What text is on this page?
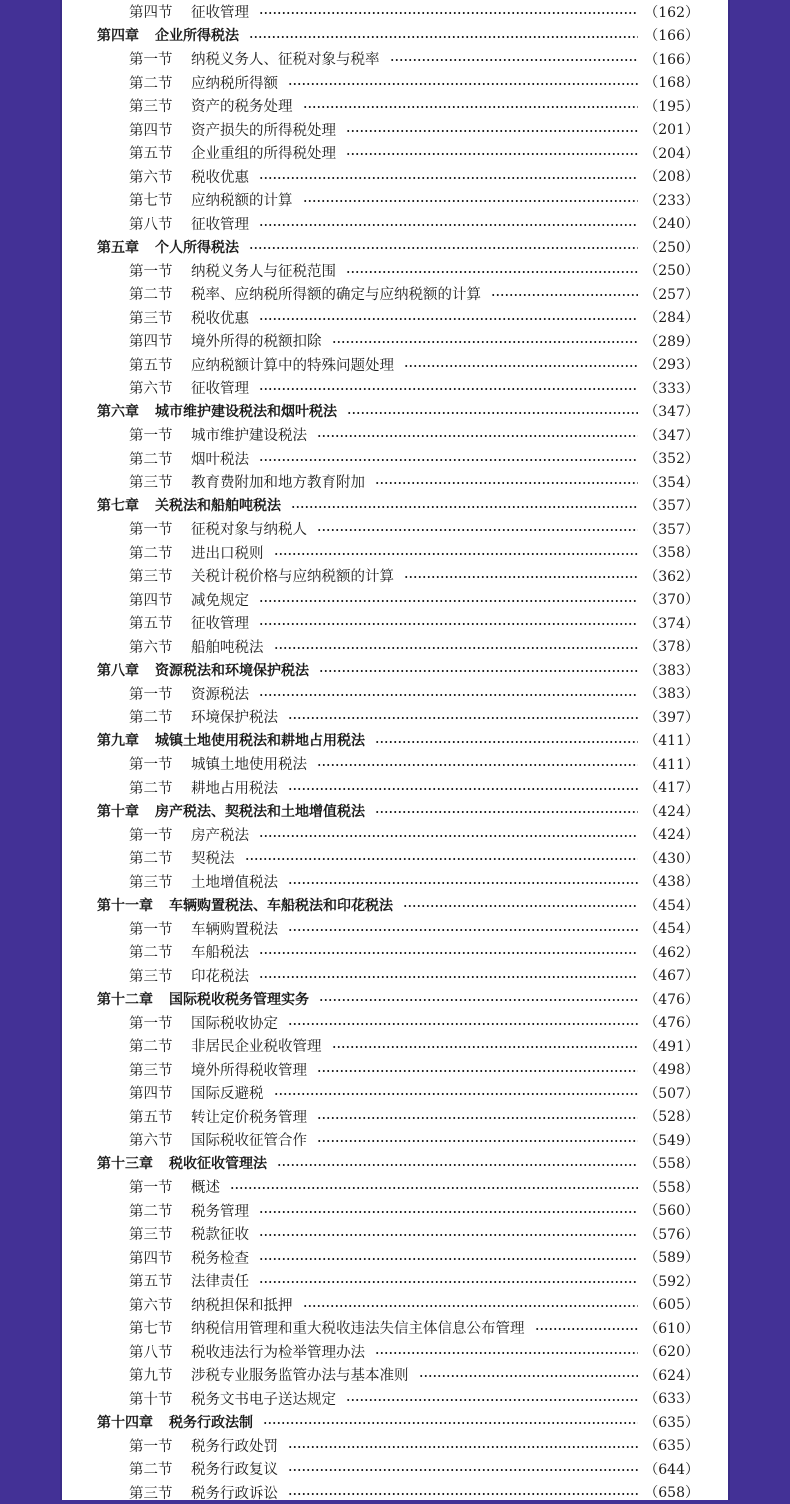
第四节	征收管理	（162）
第四章 企业所得税法	（166）
第一节	纳税义务人、征税对象与税率	（166）
第二节	应纳税所得额	（168）
第三节	资产的税务处理	（195）
第四节	资产损失的所得税处理	（201）
第五节	企业重组的所得税处理	（204）
第六节	税收优惠	（208）
第七节	应纳税额的计算	（233）
第八节	征收管理	（240）
第五章 个人所得税法	（250）
第一节	纳税义务人与征税范围	（250）
第二节	税率、应纳税所得额的确定与应纳税额的计算	（257）
第三节	税收优惠	（284）
第四节	境外所得的税额扣除	（289）
第五节	应纳税额计算中的特殊问题处理	（293）
第六节	征收管理	（333）
第六章 城市维护建设税法和烟叶税法	（347）
第一节	城市维护建设税法	（347）
第二节	烟叶税法	（352）
第三节	教育费附加和地方教育附加	（354）
第七章 关税法和船舶吨税法	（357）
第一节	征税对象与纳税人	（357）
第二节	进出口税则	（358）
第三节	关税计税价格与应纳税额的计算	（362）
第四节	减免规定	（370）
第五节	征收管理	（374）
第六节	船舶吨税法	（378）
第八章 资源税法和环境保护税法	（383）
第一节	资源税法	（383）
第二节	环境保护税法	（397）
第九章 城镇土地使用税法和耕地占用税法	（411）
第一节	城镇土地使用税法	（411）
第二节	耕地占用税法	（417）
第十章 房产税法、契税法和土地增值税法	（424）
第一节	房产税法	（424）
第二节	契税法	（430）
第三节	土地增值税法	（438）
第十一章 车辆购置税法、车船税法和印花税法	（454）
第一节	车辆购置税法	（454）
第二节	车船税法	（462）
第三节	印花税法	（467）
第十二章 国际税收税务管理实务	（476）
第一节	国际税收协定	（476）
第二节	非居民企业税收管理	（491）
第三节	境外所得税收管理	（498）
第四节	国际反避税	（507）
第五节	转让定价税务管理	（528）
第六节	国际税收征管合作	（549）
第十三章 税收征收管理法	（558）
第一节	概述	（558）
第二节	税务管理	（560）
第三节	税款征收	（576）
第四节	税务检查	（589）
第五节	法律责任	（592）
第六节	纳税担保和抵押	（605）
第七节	纳税信用管理和重大税收违法失信主体信息公布管理	（610）
第八节	税收违法行为检举管理办法	（620）
第九节	涉税专业服务监管办法与基本准则	（624）
第十节	税务文书电子送达规定	（633）
第十四章 税务行政法制	（635）
第一节	税务行政处罚	（635）
第二节	税务行政复议	（644）
第三节	税务行政诉讼	（658）
